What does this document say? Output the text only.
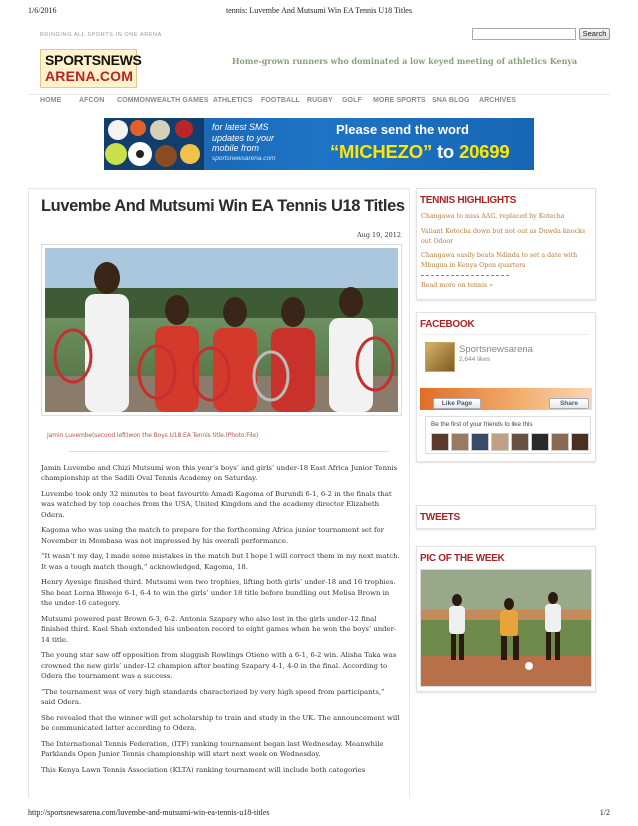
1/6/2016	tennis: Luvembe And Mutsumi Win EA Tennis U18 Titles
BRINGING ALL SPORTS IN ONE ARENA	Search
SPORTSNEWS
ARENA.COM
Home-grown runners who dominated a low keyed meeting of athletics Kenya
HOME	AFCON COMMONWEALTH GAMES ATHLETICS FOOTBALL RUGBY GOLF MORE SPORTS SNA BLOG ARCHIVES
for latest SMS
updates to your
mobile from
sportsnewsarena.com
Please send the word
“MICHEZO” to 20699
Luvembe And Mutsumi Win EA Tennis U18 Titles
Aug 19, 2012
Jamin Luvembe(second left)won the Boys U18 EA Tennis title.(Photo:File)

Jamin Luvembe and Chizi Mutsumi won this year’s boys’ and girls’ under-18 East Africa Junior Tennis championship at the Sadili Oval Tennis Academy on Saturday.

Luvembe took only 32 minutes to beat favourite Amadi Kagoma of Burundi 6-1, 6-2 in the finals that was watched by top coaches from the USA, United Kingdom and the academy director Elizabeth Odera.

Kagoma who was using the match to prepare for the forthcoming Africa junior tournament set for November in Mombasa was not impressed by his overall performance.

“It wasn’t my day, I made some mistakes in the match but I hope I will correct them in my next match. It was a tough match though,” acknowledged, Kagoma, 18.

Henry Ayesige finished third. Mutsumi won two trophies, lifting both girls’ under-18 and 16 trophies. She beat Lorna Bhweje 6-1, 6-4 to win the girls’ under 18 title before bundling out Melisa Brown in the under-16 category.

Mutsumi powered past Brown 6-3, 6-2. Antonia Szapary who also lost in the girls under-12 final finished third. Kael Shah extended his unbeaten record to eight games when he won the boys’ under-14 title.

The young star saw off opposition from sluggish Rowlings Otieno with a 6-1, 6-2 win. Alisha Taka was crowned the new girls’ under-12 champion after beating Szapary 4-1, 4-0 in the final. According to Odera the tournament was a success.

“The tournament was of very high standards characterized by very high speed from participants,” said Odera.

She revealed that the winner will get scholarship to train and study in the UK. The announcement will be communicated latter according to Odera.

The International Tennis Federation, (ITF) ranking tournament began last Wednesday. Meanwhile Parklands Open Junior Tennis championship will start next week on Wednesday.

This Kenya Lawn Tennis Association (KLTA) ranking tournament will include both categories

TENNIS HIGHLIGHTS
Changawa to miss AAG, replaced by Kotecha
Valiant Kotecha down but not out as Duwda knocks out Odoor
Changawa easily beats Ndinda to set a date with Mbugua in Kenya Open quarters
Read more on tennis »
FACEBOOK
Sportsnewsarena
2,644 likes
Like Page	Share
Be the first of your friends to like this
TWEETS
PIC OF THE WEEK
http://sportsnewsarena.com/luvembe-and-mutsumi-win-ea-tennis-u18-titles	1/2
